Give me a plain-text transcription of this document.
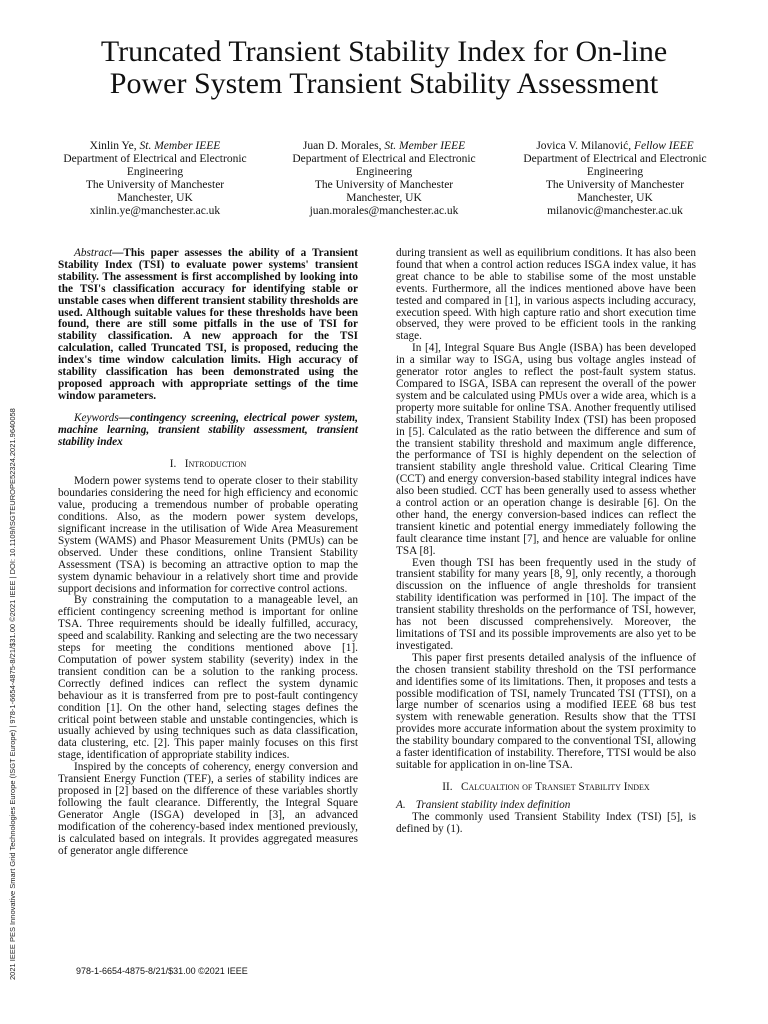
2021 IEEE PES Innovative Smart Grid Technologies Europe (ISGT Europe) | 978-1-6654-4875-8/21/$31.00 ©2021 IEEE | DOI: 10.1109/ISGTEUROPE52324.2021.9640058
Truncated Transient Stability Index for On-line
Power System Transient Stability Assessment
Xinlin Ye, St. Member IEEE
Department of Electrical and Electronic
Engineering
The University of Manchester
Manchester, UK
xinlin.ye@manchester.ac.uk
Juan D. Morales, St. Member IEEE
Department of Electrical and Electronic
Engineering
The University of Manchester
Manchester, UK
juan.morales@manchester.ac.uk
Jovica V. Milanović, Fellow IEEE
Department of Electrical and Electronic
Engineering
The University of Manchester
Manchester, UK
milanovic@manchester.ac.uk

Abstract—This paper assesses the ability of a Transient Stability Index (TSI) to evaluate power systems' transient stability. The assessment is first accomplished by looking into the TSI's classification accuracy for identifying stable or unstable cases when different transient stability thresholds are used. Although suitable values for these thresholds have been found, there are still some pitfalls in the use of TSI for stability classification. A new approach for the TSI calculation, called Truncated TSI, is proposed, reducing the index's time window calculation limits. High accuracy of stability classification has been demonstrated using the proposed approach with appropriate settings of the time window parameters.

Keywords—contingency screening, electrical power system, machine learning, transient stability assessment, transient stability index

I. Introduction

Modern power systems tend to operate closer to their stability boundaries considering the need for high efficiency and economic value, producing a tremendous number of probable operating conditions. Also, as the modern power system develops, significant increase in the utilisation of Wide Area Measurement System (WAMS) and Phasor Measurement Units (PMUs) can be observed. Under these conditions, online Transient Stability Assessment (TSA) is becoming an attractive option to map the system dynamic behaviour in a relatively short time and provide support decisions and information for corrective control actions.

By constraining the computation to a manageable level, an efficient contingency screening method is important for online TSA. Three requirements should be ideally fulfilled, accuracy, speed and scalability. Ranking and selecting are the two necessary steps for meeting the conditions mentioned above [1]. Computation of power system stability (severity) index in the transient condition can be a solution to the ranking process. Correctly defined indices can reflect the system dynamic behaviour as it is transferred from pre to post-fault contingency condition [1]. On the other hand, selecting stages defines the critical point between stable and unstable contingencies, which is usually achieved by using techniques such as data classification, data clustering, etc. [2]. This paper mainly focuses on this first stage, identification of appropriate stability indices.

Inspired by the concepts of coherency, energy conversion and Transient Energy Function (TEF), a series of stability indices are proposed in [2] based on the difference of these variables shortly following the fault clearance. Differently, the Integral Square Generator Angle (ISGA) developed in [3], an advanced modification of the coherency-based index mentioned previously, is calculated based on integrals. It provides aggregated measures of generator angle difference

during transient as well as equilibrium conditions. It has also been found that when a control action reduces ISGA index value, it has great chance to be able to stabilise some of the most unstable events. Furthermore, all the indices mentioned above have been tested and compared in [1], in various aspects including accuracy, execution speed. With high capture ratio and short execution time observed, they were proved to be efficient tools in the ranking stage.

In [4], Integral Square Bus Angle (ISBA) has been developed in a similar way to ISGA, using bus voltage angles instead of generator rotor angles to reflect the post-fault system status. Compared to ISGA, ISBA can represent the overall of the power system and be calculated using PMUs over a wide area, which is a property more suitable for online TSA. Another frequently utilised stability index, Transient Stability Index (TSI) has been proposed in [5]. Calculated as the ratio between the difference and sum of the transient stability threshold and maximum angle difference, the performance of TSI is highly dependent on the selection of transient stability angle threshold value. Critical Clearing Time (CCT) and energy conversion-based stability integral indices have also been studied. CCT has been generally used to assess whether a control action or an operation change is desirable [6]. On the other hand, the energy conversion-based indices can reflect the transient kinetic and potential energy immediately following the fault clearance time instant [7], and hence are valuable for online TSA [8].

Even though TSI has been frequently used in the study of transient stability for many years [8, 9], only recently, a thorough discussion on the influence of angle thresholds for transient stability identification was performed in [10]. The impact of the transient stability thresholds on the performance of TSI, however, has not been discussed comprehensively. Moreover, the limitations of TSI and its possible improvements are also yet to be investigated.

This paper first presents detailed analysis of the influence of the chosen transient stability threshold on the TSI performance and identifies some of its limitations. Then, it proposes and tests a possible modification of TSI, namely Truncated TSI (TTSI), on a large number of scenarios using a modified IEEE 68 bus test system with renewable generation. Results show that the TTSI provides more accurate information about the system proximity to the stability boundary compared to the conventional TSI, allowing a faster identification of instability. Therefore, TTSI would be also suitable for application in on-line TSA.

II. Calcualtion of Transiet Stability Index

A. Transient stability index definition

The commonly used Transient Stability Index (TSI) [5], is defined by (1).

978-1-6654-4875-8/21/$31.00 ©2021 IEEE
